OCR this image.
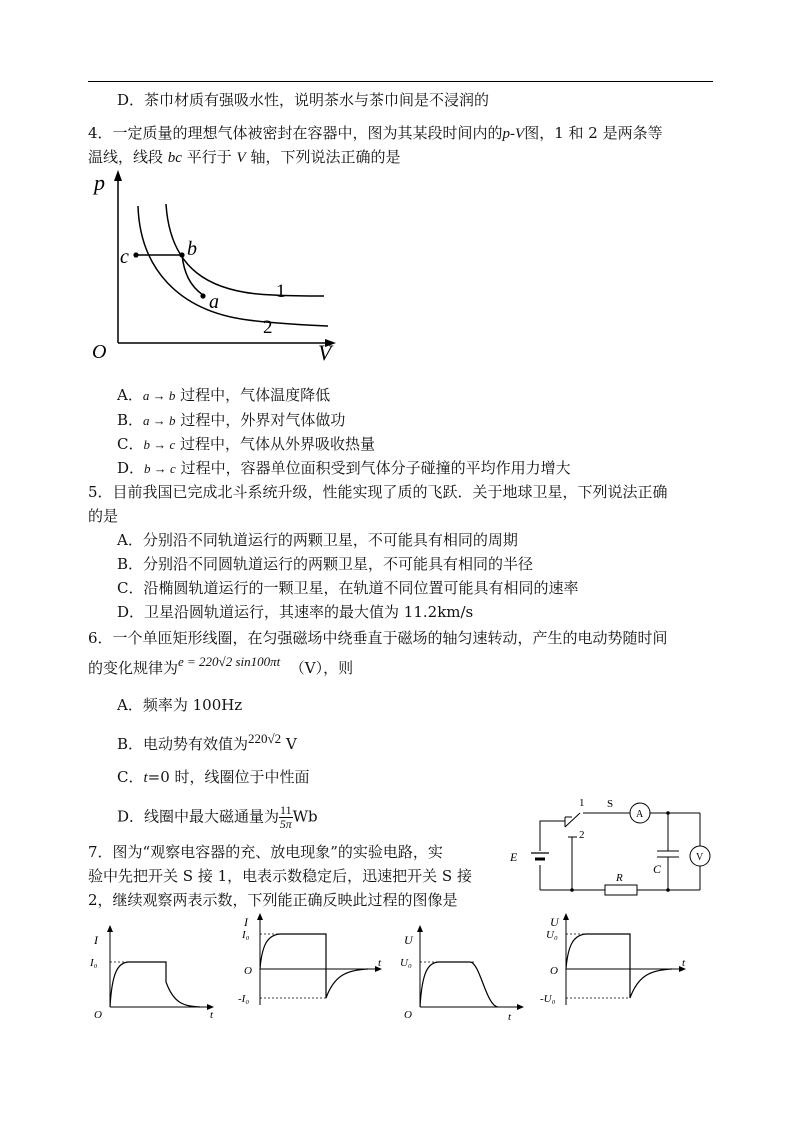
D．茶巾材质有强吸水性，说明茶水与茶巾间是不浸润的
4．一定质量的理想气体被密封在容器中，图为其某段时间内的p-V图，1 和 2 是两条等
温线，线段 bc 平行于 V 轴，下列说法正确的是
p
V
O
c	b
a	1
2
A．a → b 过程中，气体温度降低
B．a → b 过程中，外界对气体做功
C．b → c 过程中，气体从外界吸收热量
D．b → c 过程中，容器单位面积受到气体分子碰撞的平均作用力增大
5．目前我国已完成北斗系统升级，性能实现了质的飞跃．关于地球卫星，下列说法正确
的是
A．分别沿不同轨道运行的两颗卫星，不可能具有相同的周期
B．分别沿不同圆轨道运行的两颗卫星，不可能具有相同的半径
C．沿椭圆轨道运行的一颗卫星，在轨道不同位置可能具有相同的速率
D．卫星沿圆轨道运行，其速率的最大值为 11.2km/s
6．一个单匝矩形线圈，在匀强磁场中绕垂直于磁场的轴匀速转动，产生的电动势随时间
的变化规律为e = 220√2 sin100πt （V），则
A．频率为 100Hz
B．电动势有效值为220√2 V
C．t=0 时，线圈位于中性面
D．线圈中最大磁通量为 $\frac{11}{5\pi}$ Wb
7．图为“观察电容器的充、放电现象”的实验电路，实
验中先把开关 S 接 1，电表示数稳定后，迅速把开关 S 接
2，继续观察两表示数，下列能正确反映此过程的图像是
1
2
S
A
V
E
C
R
I
I₀
O	t
I
I₀
O
-I₀
t
U
U₀
O	t
U
U₀
O
-U₀
t
